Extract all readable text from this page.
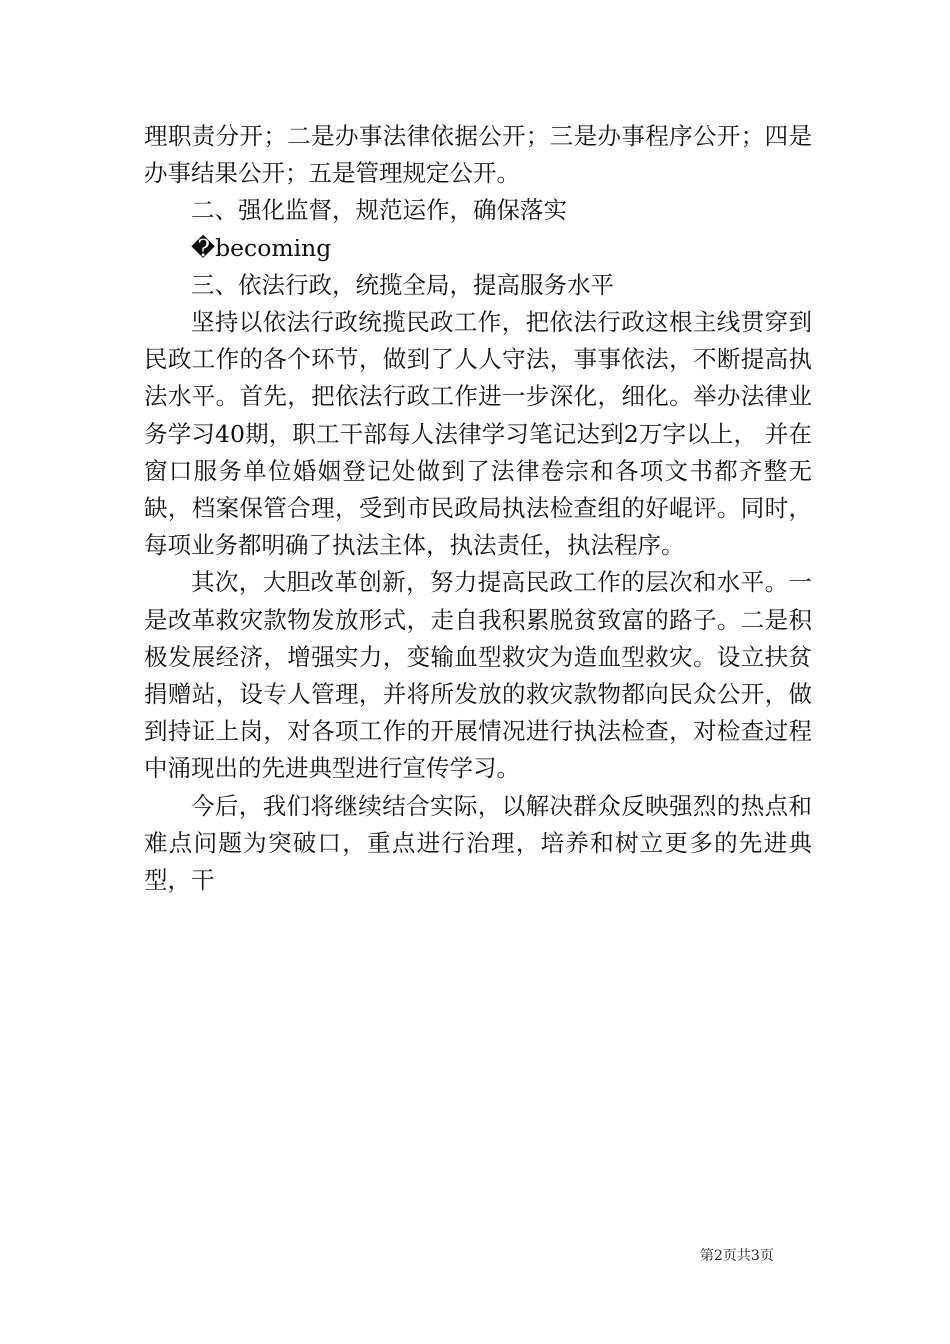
理职责分开；二是办事法律依据公开；三是办事程序公开；四是办事结果公开；五是管理规定公开。

二、强化监督，规范运作，确保落实

�becoming

三、依法行政，统揽全局，提高服务水平

坚持以依法行政统揽民政工作，把依法行政这根主线贯穿到民政工作的各个环节，做到了人人守法，事事依法，不断提高执法水平。首先，把依法行政工作进一步深化，细化。举办法律业务学习40期，职工干部每人法律学习笔记达到2万字以上， 并在窗口服务单位婚姻登记处做到了法律卷宗和各项文书都齐整无缺，档案保管合理，受到市民政局执法检查组的好崐评。同时，每项业务都明确了执法主体，执法责任，执法程序。

其次，大胆改革创新，努力提高民政工作的层次和水平。一是改革救灾款物发放形式，走自我积累脱贫致富的路子。二是积极发展经济，增强实力，变输血型救灾为造血型救灾。设立扶贫捐赠站，设专人管理，并将所发放的救灾款物都向民众公开，做到持证上岗，对各项工作的开展情况进行执法检查，对检查过程中涌现出的先进典型进行宣传学习。

今后，我们将继续结合实际，以解决群众反映强烈的热点和难点问题为突破口，重点进行治理，培养和树立更多的先进典型，干

第2页共3页
